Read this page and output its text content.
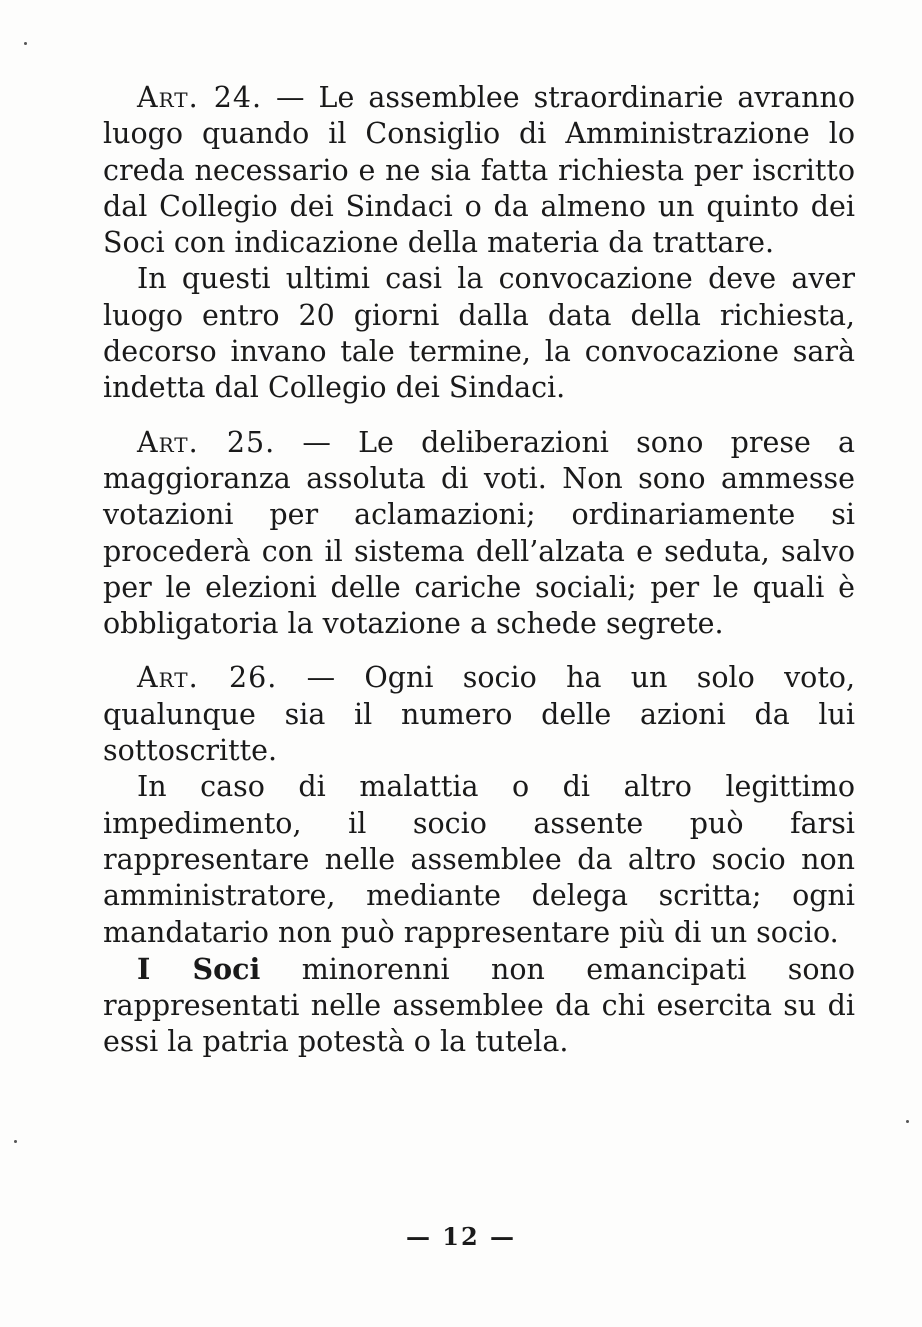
Art. 24. — Le assemblee straordinarie avranno luogo quando il Consiglio di Amministrazione lo creda necessario e ne sia fatta richiesta per iscritto dal Collegio dei Sindaci o da almeno un quinto dei Soci con indicazione della materia da trattare.

In questi ultimi casi la convocazione deve aver luogo entro 20 giorni dalla data della richiesta, decorso invano tale termine, la convocazione sarà indetta dal Collegio dei Sindaci.

Art. 25. — Le deliberazioni sono prese a maggioranza assoluta di voti. Non sono ammesse votazioni per aclamazioni; ordinariamente si procederà con il sistema dell’alzata e seduta, salvo per le elezioni delle cariche sociali; per le quali è obbligatoria la votazione a schede segrete.

Art. 26. — Ogni socio ha un solo voto, qualunque sia il numero delle azioni da lui sottoscritte.

In caso di malattia o di altro legittimo impedimento, il socio assente può farsi rappresentare nelle assemblee da altro socio non amministratore, mediante delega scritta; ogni mandatario non può rappresentare più di un socio.

I Soci minorenni non emancipati sono rappresentati nelle assemblee da chi esercita su di essi la patria potestà o la tutela.

— 12 —
